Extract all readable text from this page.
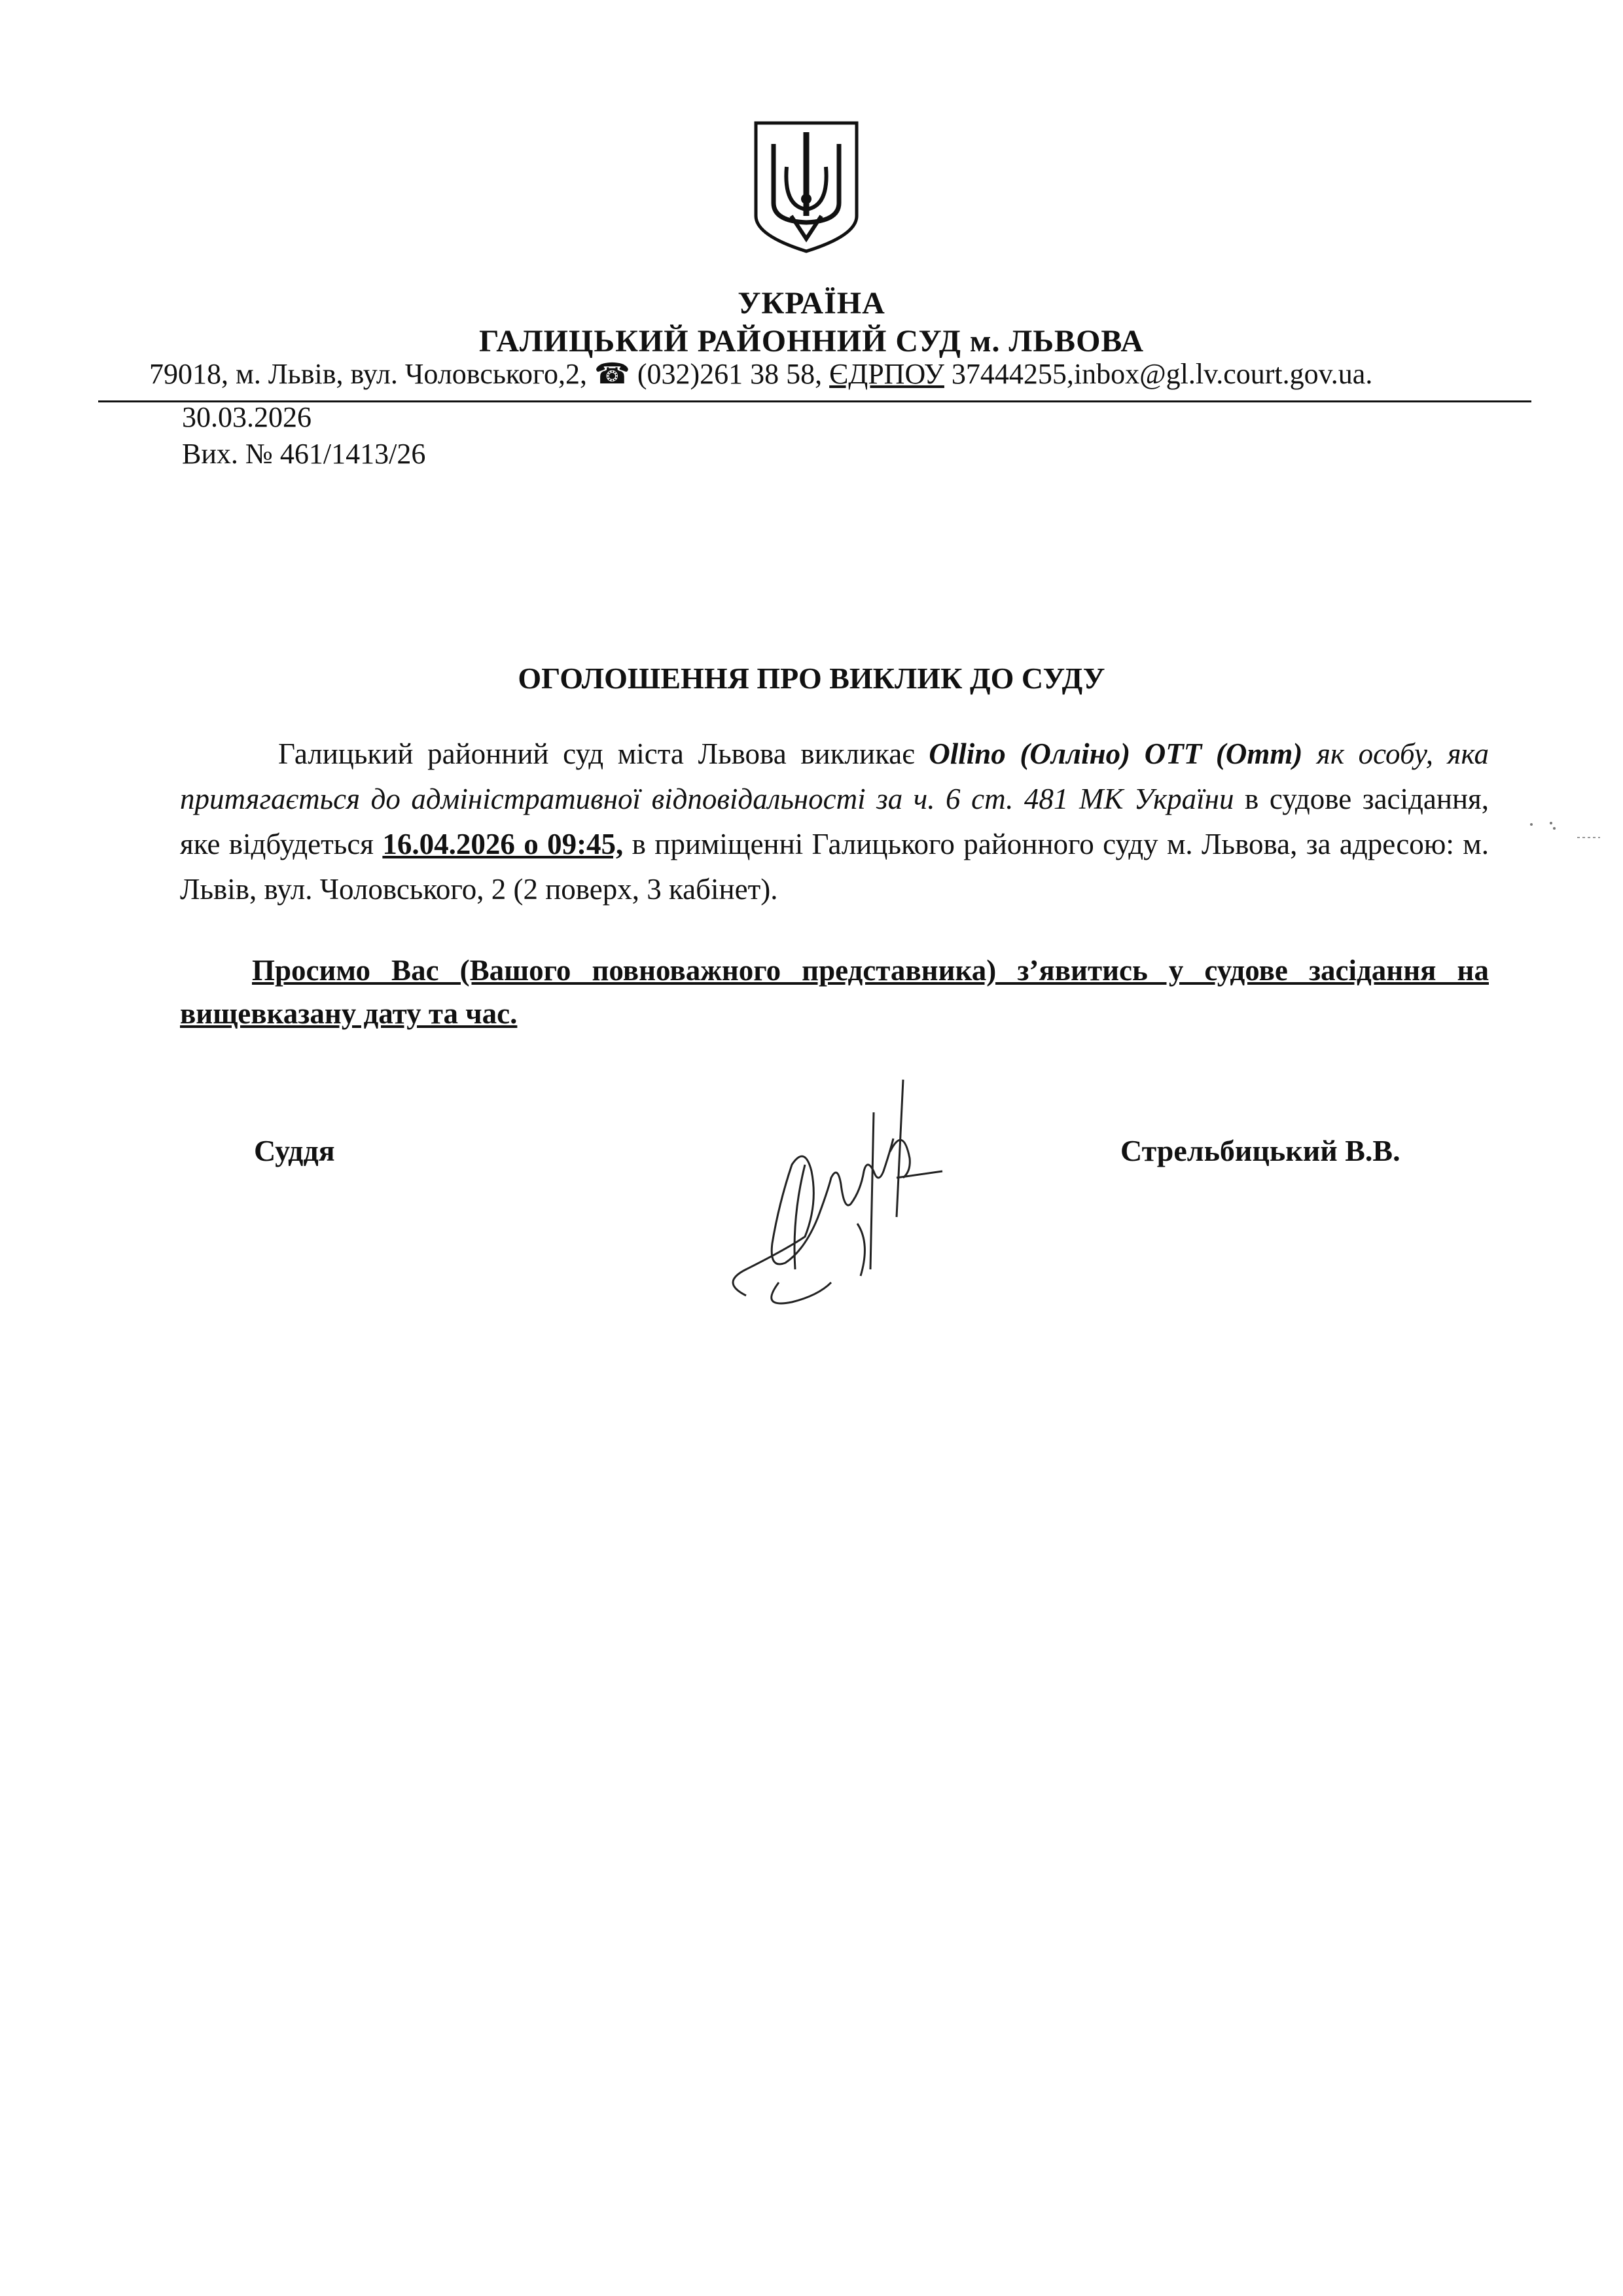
УКРАЇНА
ГАЛИЦЬКИЙ РАЙОННИЙ СУД м. ЛЬВОВА
79018, м. Львів, вул. Чоловського,2, ☎ (032)261 38 58, ЄДРПОУ 37444255,inbox@gl.lv.court.gov.ua.
30.03.2026
Вих. № 461/1413/26
ОГОЛОШЕННЯ ПРО ВИКЛИК ДО СУДУ
Галицький районний суд міста Львова викликає Ollino (Олліно) OTT (Отт) як особу, яка притягається до адміністративної відповідальності за ч. 6 ст. 481 МК України в судове засідання, яке відбудеться 16.04.2026 о 09:45, в приміщенні Галицького районного суду м. Львова, за адресою: м. Львів, вул. Чоловського, 2 (2 поверх, 3 кабінет).
Просимо Вас (Вашого повноважного представника) з’явитись у судове засідання на вищевказану дату та час.
Суддя	Стрельбицький В.В.
